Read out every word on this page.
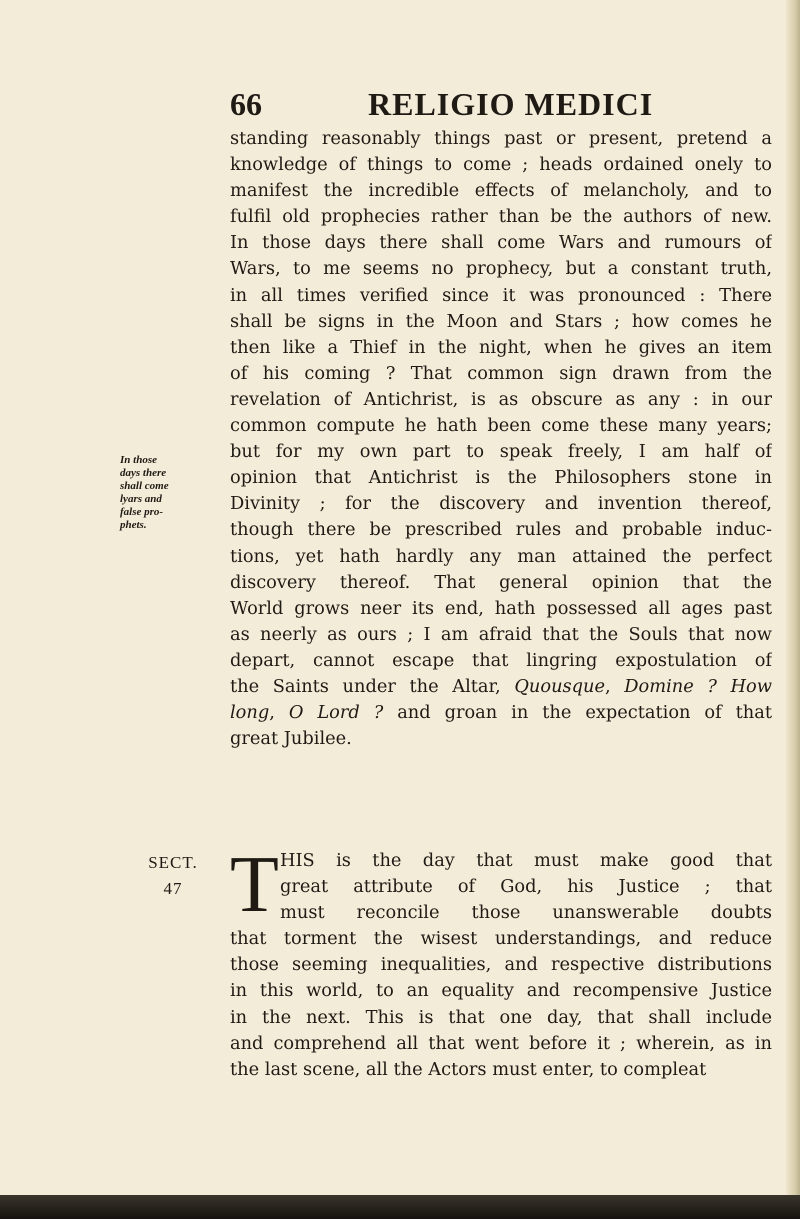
66	RELIGIO MEDICI
In those
days there
shall come
lyars and
false pro-
phets.
standing reasonably things past or present, pretend a
knowledge of things to come ; heads ordained onely to
manifest the incredible effects of melancholy, and to
fulfil old prophecies rather than be the authors of new.
In those days there shall come Wars and rumours of
Wars, to me seems no prophecy, but a constant truth,
in all times verified since it was pronounced : There
shall be signs in the Moon and Stars ; how comes he
then like a Thief in the night, when he gives an item
of his coming ? That common sign drawn from the
revelation of Antichrist, is as obscure as any : in our
common compute he hath been come these many years;
but for my own part to speak freely, I am half of
opinion that Antichrist is the Philosophers stone in
Divinity ; for the discovery and invention thereof,
though there be prescribed rules and probable induc-
tions, yet hath hardly any man attained the perfect
discovery thereof. That general opinion that the
World grows neer its end, hath possessed all ages past
as neerly as ours ; I am afraid that the Souls that now
depart, cannot escape that lingring expostulation of
the Saints under the Altar, Quousque, Domine ? How
long, O Lord ? and groan in the expectation of that
great Jubilee.
SECT.
47 T HIS is the day that must make good that
great attribute of God, his Justice ; that
must reconcile those unanswerable doubts
that torment the wisest understandings, and reduce
those seeming inequalities, and respective distributions
in this world, to an equality and recompensive Justice
in the next. This is that one day, that shall include
and comprehend all that went before it ; wherein, as in
the last scene, all the Actors must enter, to compleat
